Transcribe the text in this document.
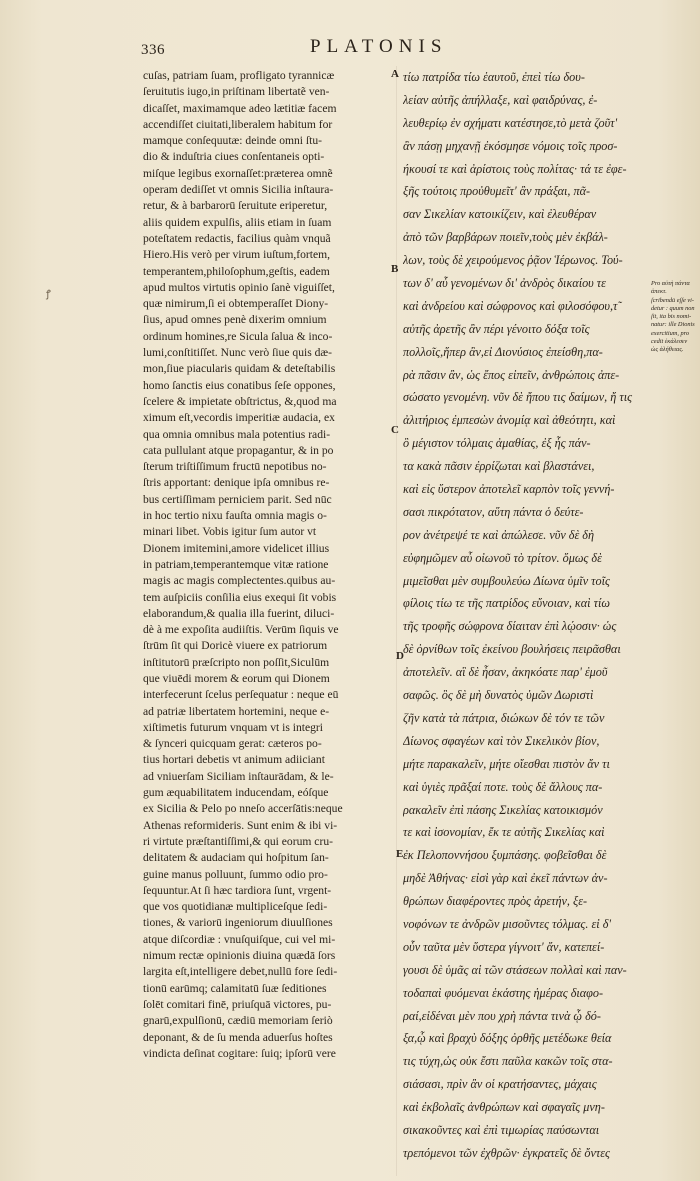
336	PLATONIS
ꝭ
cuſas, patriam ſuam, profligato tyrannicæ
ſeruitutis iugo,in priſtinam libertatẽ ven-
dicaſſet, maximamque adeo lætitiæ facem
accendiſſet ciuitati,liberalem habitum for
mamque conſequutæ: deinde omni ſtu-
dio & induſtria ciues conſentaneis opti-
miſque legibus exornaſſet:præterea omnẽ
operam dediſſet vt omnis Sicilia inſtaura-
retur, & à barbarorū ſeruitute eriperetur,
aliis quidem expulſis, aliis etiam in ſuam
poteſtatem redactis, facilius quàm vnquã
Hiero.His verò per virum iuſtum,fortem,
temperantem,philoſophum,geſtis, eadem
apud multos virtutis opinio ſanè viguiſſet,
quæ nimirum,ſi ei obtemperaſſet Diony-
ſius, apud omnes penè dixerim omnium
ordinum homines,re Sicula ſalua & inco-
lumi,conſtitiſſet. Nunc verò ſiue quis dæ-
mon,ſiue piacularis quidam & deteſtabilis
homo ſanctis eius conatibus ſeſe oppones,
ſcelere & impietate obſtrictus, &,quod ma
ximum eſt,vecordis imperitiæ audacia, ex
qua omnia omnibus mala potentius radi-
cata pullulant atque propagantur, & in po
ſterum triſtiſſimum fructū nepotibus no-
ſtris apportant: denique ipſa omnibus re-
bus certiſſimam perniciem parit. Sed nūc
in hoc tertio nixu fauſta omnia magis o-
minari libet. Vobis igitur ſum autor vt
Dionem imitemini,amore videlicet illius
in patriam,temperantemque vitæ ratione
magis ac magis complectentes.quibus au-
tem auſpiciis conſilia eius exequi ſit vobis
elaborandum,& qualia illa fuerint, diluci-
dè à me expoſita audiiſtis. Verūm ſiquis ve
ſtrūm ſit qui Doricè viuere ex patriorum
inſtitutorū præſcripto non poſſit,Siculūm
que viuēdi morem & eorum qui Dionem
interfecerunt ſcelus perſequatur : neque eū
ad patriæ libertatem hortemini, neque e-
xiſtimetis futurum vnquam vt is integri
& ſynceri quicquam gerat: cæteros po-
tius hortari debetis vt animum adiiciant
ad vniuerſam Siciliam inſtaurādam, & le-
gum æquabilitatem inducendam, eóſque
ex Sicilia & Pelo po nneſo accerſātis:neque
Athenas reformideris. Sunt enim & ibi vi-
ri virtute præſtantiſſimi,& qui eorum cru-
delitatem & audaciam qui hoſpitum ſan-
guine manus polluunt, ſummo odio pro-
ſequuntur.At ſi hæc tardiora ſunt, vrgent-
que vos quotidianæ multipliceſque ſedi-
tiones, & variorū ingeniorum diuulſiones
atque diſcordiæ : vnuſquiſque, cui vel mi-
nimum rectæ opinionis diuina quædā ſors
largita eſt,intelligere debet,nullū fore ſedi-
tionū earūmq; calamitatū ſuæ ſeditiones
ſolēt comitari finē, priuſquā victores, pu-
gnarū,expulſionū, cædiū memoriam ſeriò
deponant, & de ſu menda aduerſus hoſtes
vindicta deſinat cogitare: ſuiq; ipſorū vere
τίω πατρίδα τίω ἑαυτοῦ, ἐπεὶ τίω δου-
λείαν αὐτῆς ἀπήλλαξε, καὶ φαιδρύνας, ἐ-
λευθερίῳ ἐν σχήματι κατέστησε,τὸ μετὰ ζοῦτ'
ἂν πάσῃ μηχανῇ ἐκόσμησε νόμοις τοῖς προσ-
ήκουσί τε καὶ ἀρίστοις τοὺς πολίτας· τά τε ἐφε-
ξῆς τούτοις προὐθυμεῖτ' ἂν πράξαι, πᾶ-
σαν Σικελίαν κατοικίζειν, καὶ ἐλευθέραν
ἀπὸ τῶν βαρβάρων ποιεῖν,τοὺς μὲν ἐκβάλ-
λων, τοὺς δὲ χειρούμενος ῥᾷον Ἱέρωνος. Τού-
των δ' αὖ γενομένων δι' ἀνδρὸς δικαίου τε
καὶ ἀνδρείου καὶ σώφρονος καὶ φιλοσόφου,τ̃
αὐτῆς ἀρετῆς ἂν πέρι γένοιτο δόξα τοῖς
πολλοῖς,ἥπερ ἂν,εἰ Διονύσιος ἐπείσθη,πα-
ρὰ πᾶσιν ἂν, ὡς ἔπος εἰπεῖν, ἀνθρώποις ἀπε-
σώσατο γενομένη. νῦν δὲ ἤπου τις δαίμων, ἤ τις
ἀλιτήριος ἐμπεσὼν ἀνομίᾳ καὶ ἀθεότητι, καὶ
ὃ μέγιστον τόλμαις ἀμαθίας, ἐξ ἧς πάν-
τα κακὰ πᾶσιν ἐρρίζωται καὶ βλαστάνει,
καὶ εἰς ὕστερον ἀποτελεῖ καρπὸν τοῖς γεννή-
σασι πικρότατον, αὕτη πάντα ὁ δεύτε-
ρον ἀνέτρεψέ τε καὶ ἀπώλεσε. νῦν δὲ δὴ
εὐφημῶμεν αὖ οἰωνοῦ τὸ τρίτον. ὅμως δὲ
μιμεῖσθαι μὲν συμβουλεύω Δίωνα ὑμῖν τοῖς
φίλοις τίω τε τῆς πατρίδος εὔνοιαν, καὶ τίω
τῆς τροφῆς σώφρονα δίαιταν ἐπὶ λῴοσιν· ὡς
δὲ ὀρνίθων τοῖς ἐκείνου βουλήσεις πειρᾶσθαι
ἀποτελεῖν. αἳ δὲ ἦσαν, ἀκηκόατε παρ' ἐμοῦ
σαφῶς. ὃς δὲ μὴ δυνατὸς ὑμῶν Δωριστὶ
ζῆν κατὰ τὰ πάτρια, διώκων δὲ τόν τε τῶν
Δίωνος σφαγέων καὶ τὸν Σικελικὸν βίον,
μήτε παρακαλεῖν, μήτε οἴεσθαι πιστὸν ἄν τι
καὶ ὑγιὲς πρᾶξαί ποτε. τοὺς δὲ ἄλλους πα-
ρακαλεῖν ἐπὶ πάσης Σικελίας κατοικισμόν
τε καὶ ἰσονομίαν, ἔκ τε αὐτῆς Σικελίας καὶ
ἐκ Πελοποννήσου ξυμπάσης. φοβεῖσθαι δὲ
μηδὲ Ἀθήνας· εἰσὶ γὰρ καὶ ἐκεῖ πάντων ἀν-
θρώπων διαφέροντες πρὸς ἀρετήν, ξε-
νοφόνων τε ἀνδρῶν μισοῦντες τόλμας. εἰ δ'
οὖν ταῦτα μὲν ὕστερα γίγνοιτ' ἄν, κατεπεί-
γουσι δὲ ὑμᾶς αἱ τῶν στάσεων πολλαὶ καὶ παν-
τοδαπαὶ φυόμεναι ἑκάστης ἡμέρας διαφο-
ραί,εἰδέναι μὲν που χρὴ πάντα τινὰ ᾧ δό-
ξα,ᾧ καὶ βραχὺ δόξης ὀρθῆς μετέδωκε θεία
τις τύχη,ὡς οὐκ ἔστι παῦλα κακῶν τοῖς στα-
σιάσασι, πρὶν ἂν οἱ κρατήσαντες, μάχαις
καὶ ἐκβολαῖς ἀνθρώπων καὶ σφαγαῖς μνη-
σικακοῦντες καὶ ἐπὶ τιμωρίας παύσωνται
τρεπόμενοι τῶν ἐχθρῶν· ἐγκρατεῖς δὲ ὄντες
A
B
C
D
E
Pro αὐτὴ πάντα
ἀπεκτ.
ſcribendū eſſe vi-
detur : quum non
ſit, ita bis nomi-
natur: ille Dionis
exercitium, pro
cedit ἐκάλεσεν
ὡς ἀλήθειας.
